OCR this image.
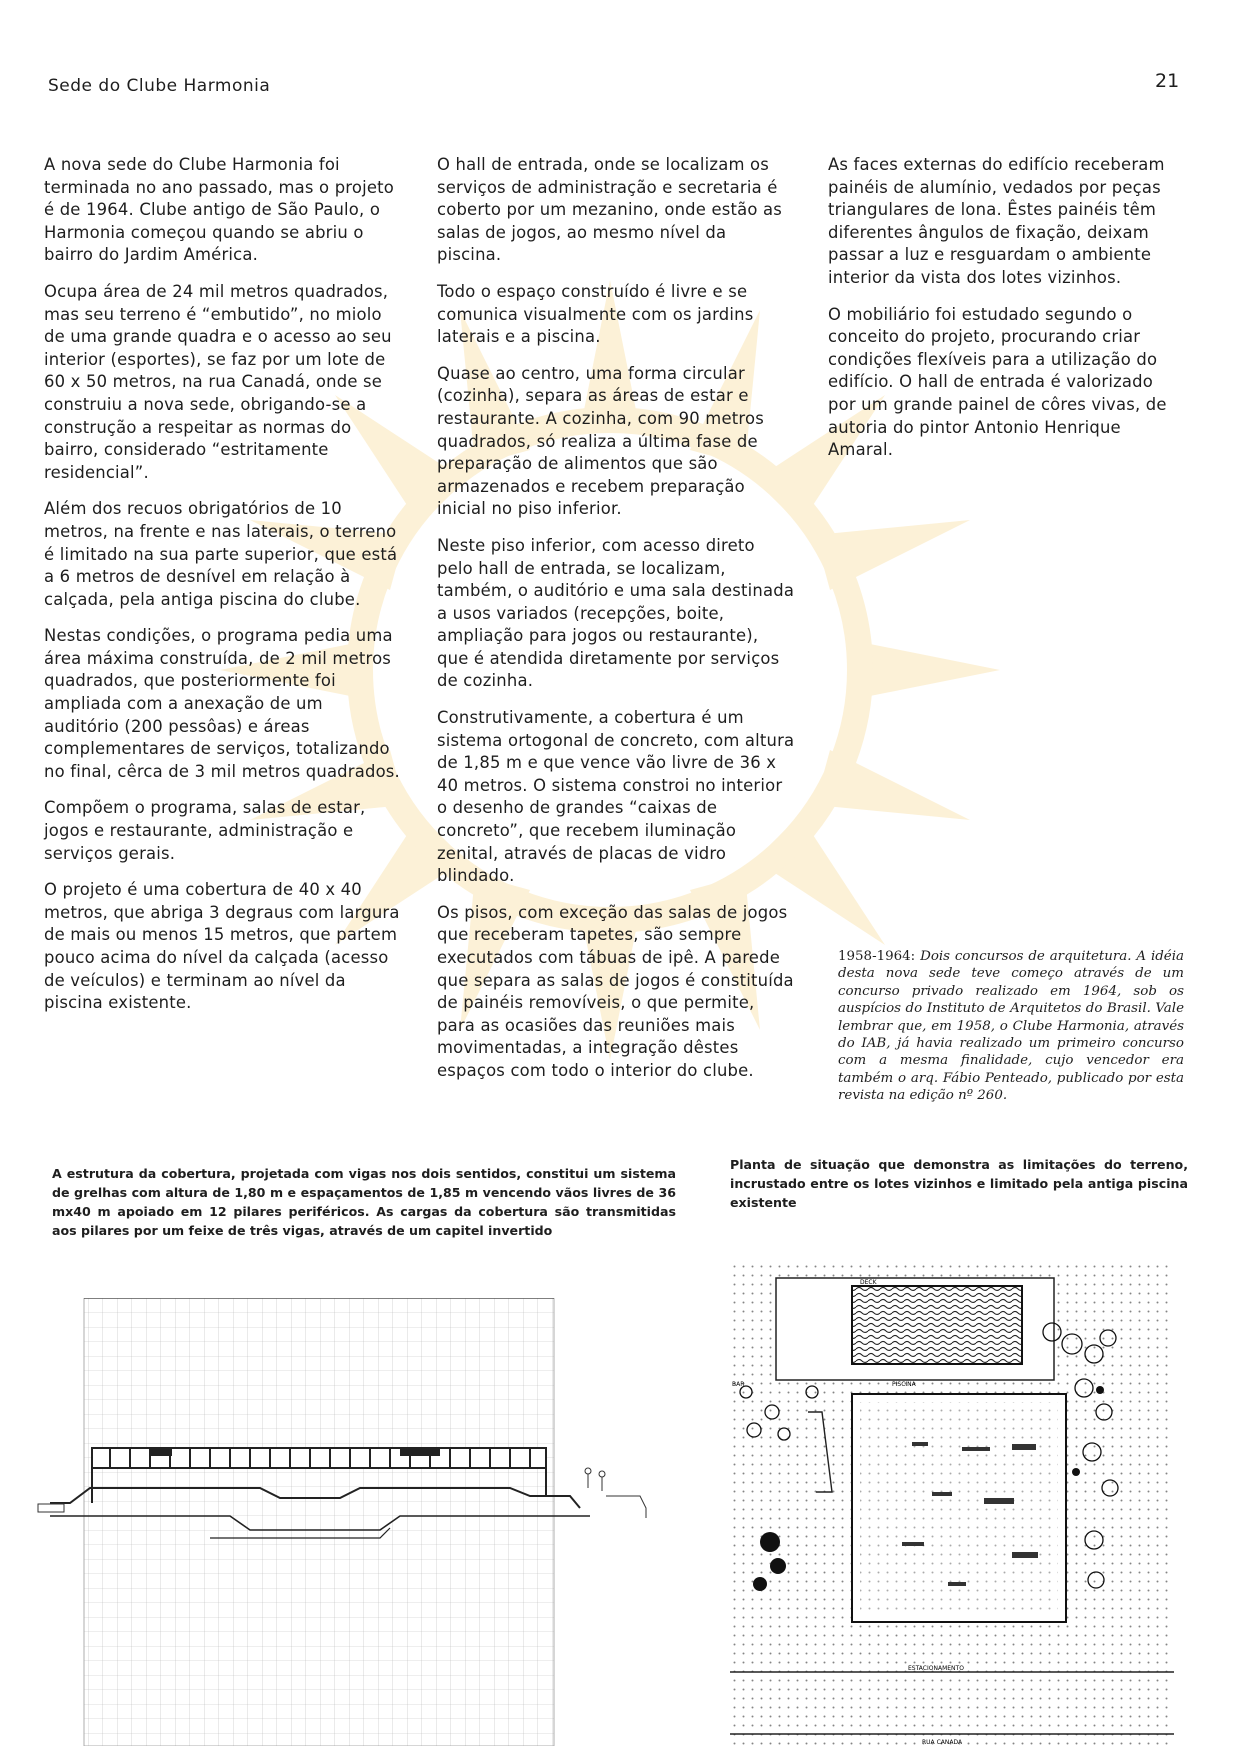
Sede do Clube Harmonia	21

A nova sede do Clube Harmonia foi terminada no ano passado, mas o projeto é de 1964. Clube antigo de São Paulo, o Harmonia começou quando se abriu o bairro do Jardim América.

Ocupa área de 24 mil metros quadrados, mas seu terreno é “embutido”, no miolo de uma grande quadra e o acesso ao seu interior (esportes), se faz por um lote de 60 x 50 metros, na rua Canadá, onde se construiu a nova sede, obrigando-se a construção a respeitar as normas do bairro, considerado “estritamente residencial”.

Além dos recuos obrigatórios de 10 metros, na frente e nas laterais, o terreno é limitado na sua parte superior, que está a 6 metros de desnível em relação à calçada, pela antiga piscina do clube.

Nestas condições, o programa pedia uma área máxima construída, de 2 mil metros quadrados, que posteriormente foi ampliada com a anexação de um auditório (200 pessôas) e áreas complementares de serviços, totalizando no final, cêrca de 3 mil metros quadrados.

Compõem o programa, salas de estar, jogos e restaurante, administração e serviços gerais.

O projeto é uma cobertura de 40 x 40 metros, que abriga 3 degraus com largura de mais ou menos 15 metros, que partem pouco acima do nível da calçada (acesso de veículos) e terminam ao nível da piscina existente.

O hall de entrada, onde se localizam os serviços de administração e secretaria é coberto por um mezanino, onde estão as salas de jogos, ao mesmo nível da piscina.

Todo o espaço construído é livre e se comunica visualmente com os jardins laterais e a piscina.

Quase ao centro, uma forma circular (cozinha), separa as áreas de estar e restaurante. A cozinha, com 90 metros quadrados, só realiza a última fase de preparação de alimentos que são armazenados e recebem preparação inicial no piso inferior.

Neste piso inferior, com acesso direto pelo hall de entrada, se localizam, também, o auditório e uma sala destinada a usos variados (recepções, boite, ampliação para jogos ou restaurante), que é atendida diretamente por serviços de cozinha.

Construtivamente, a cobertura é um sistema ortogonal de concreto, com altura de 1,85 m e que vence vão livre de 36 x 40 metros. O sistema constroi no interior o desenho de grandes “caixas de concreto”, que recebem iluminação zenital, através de placas de vidro blindado.

Os pisos, com exceção das salas de jogos que receberam tapetes, são sempre executados com tábuas de ipê. A parede que separa as salas de jogos é constituída de painéis removíveis, o que permite, para as ocasiões das reuniões mais movimentadas, a integração dêstes espaços com todo o interior do clube.

As faces externas do edifício receberam painéis de alumínio, vedados por peças triangulares de lona. Êstes painéis têm diferentes ângulos de fixação, deixam passar a luz e resguardam o ambiente interior da vista dos lotes vizinhos.

O mobiliário foi estudado segundo o conceito do projeto, procurando criar condições flexíveis para a utilização do edifício. O hall de entrada é valorizado por um grande painel de côres vivas, de autoria do pintor Antonio Henrique Amaral.

1958-1964: Dois concursos de arquitetura. A idéia desta nova sede teve começo através de um concurso privado realizado em 1964, sob os auspícios do Instituto de Arquitetos do Brasil. Vale lembrar que, em 1958, o Clube Harmonia, através do IAB, já havia realizado um primeiro concurso com a mesma finalidade, cujo vencedor era também o arq. Fábio Penteado, publicado por esta revista na edição nº 260.
A estrutura da cobertura, projetada com vigas nos dois sentidos, constitui um sistema de grelhas com altura de 1,80 m e espaçamentos de 1,85 m vencendo vãos livres de 36 mx40 m apoiado em 12 pilares periféricos. As cargas da cobertura são transmitidas aos pilares por um feixe de três vigas, através de um capitel invertido
Planta de situação que demonstra as limitações do terreno, incrustado entre os lotes vizinhos e limitado pela antiga piscina existente
DECK
BAR	PISCINA
ESTACIONAMENTO
RUA CANADA
